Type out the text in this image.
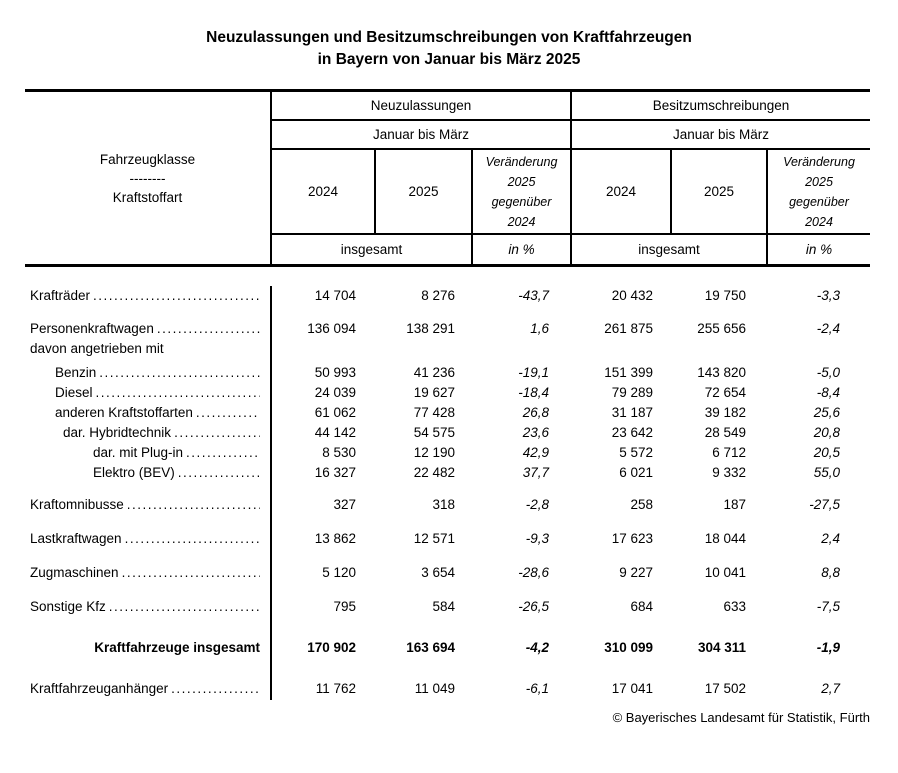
Neuzulassungen und Besitzumschreibungen von Kraftfahrzeugen
in Bayern von Januar bis März 2025
Fahrzeugklasse
--------
Kraftstoffart
Neuzulassungen	Besitzumschreibungen
Januar bis März	Januar bis März
2024	2025
Veränderung 2025 gegenüber 2024
2024	2025
Veränderung 2025 gegenüber 2024
insgesamt	in %	insgesamt	in %
Krafträder .....	14 704	8 276	-43,7	20 432	19 750	-3,3
Personenkraftwagen .....	136 094	138 291	1,6	261 875	255 656	-2,4
davon angetrieben mit
Benzin .....	50 993	41 236	-19,1	151 399	143 820	-5,0
Diesel .....	24 039	19 627	-18,4	79 289	72 654	-8,4
anderen Kraftstoffarten .....	61 062	77 428	26,8	31 187	39 182	25,6
dar. Hybridtechnik .....	44 142	54 575	23,6	23 642	28 549	20,8
dar. mit Plug-in .....	8 530	12 190	42,9	5 572	6 712	20,5
Elektro (BEV) .....	16 327	22 482	37,7	6 021	9 332	55,0
Kraftomnibusse .....	327	318	-2,8	258	187	-27,5
Lastkraftwagen .....	13 862	12 571	-9,3	17 623	18 044	2,4
Zugmaschinen .....	5 120	3 654	-28,6	9 227	10 041	8,8
Sonstige Kfz .....	795	584	-26,5	684	633	-7,5
Kraftfahrzeuge insgesamt	170 902	163 694	-4,2	310 099	304 311	-1,9
Kraftfahrzeuganhänger .....	11 762	11 049	-6,1	17 041	17 502	2,7
© Bayerisches Landesamt für Statistik, Fürth
